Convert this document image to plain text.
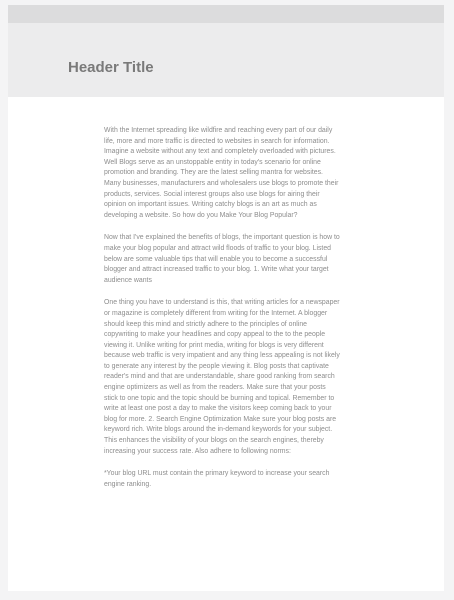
Header Title

With the Internet spreading like wildfire and reaching every part of our daily life, more and more traffic is directed to websites in search for information. Imagine a website without any text and completely overloaded with pictures. Well Blogs serve as an unstoppable entity in today's scenario for online promotion and branding. They are the latest selling mantra for websites. Many businesses, manufacturers and wholesalers use blogs to promote their products, services. Social interest groups also use blogs for airing their opinion on important issues. Writing catchy blogs is an art as much as developing a website. So how do you Make Your Blog Popular?

Now that I've explained the benefits of blogs, the important question is how to make your blog popular and attract wild floods of traffic to your blog. Listed below are some valuable tips that will enable you to become a successful blogger and attract increased traffic to your blog. 1. Write what your target audience wants

One thing you have to understand is this, that writing articles for a newspaper or magazine is completely different from writing for the Internet. A blogger should keep this mind and strictly adhere to the principles of online copywriting to make your headlines and copy appeal to the to the people viewing it. Unlike writing for print media, writing for blogs is very different because web traffic is very impatient and any thing less appealing is not likely to generate any interest by the people viewing it. Blog posts that captivate reader's mind and that are understandable, share good ranking from search engine optimizers as well as from the readers. Make sure that your posts stick to one topic and the topic should be burning and topical. Remember to write at least one post a day to make the visitors keep coming back to your blog for more. 2. Search Engine Optimization Make sure your blog posts are keyword rich. Write blogs around the in-demand keywords for your subject. This enhances the visibility of your blogs on the search engines, thereby increasing your success rate. Also adhere to following norms:

*Your blog URL must contain the primary keyword to increase your search engine ranking.
